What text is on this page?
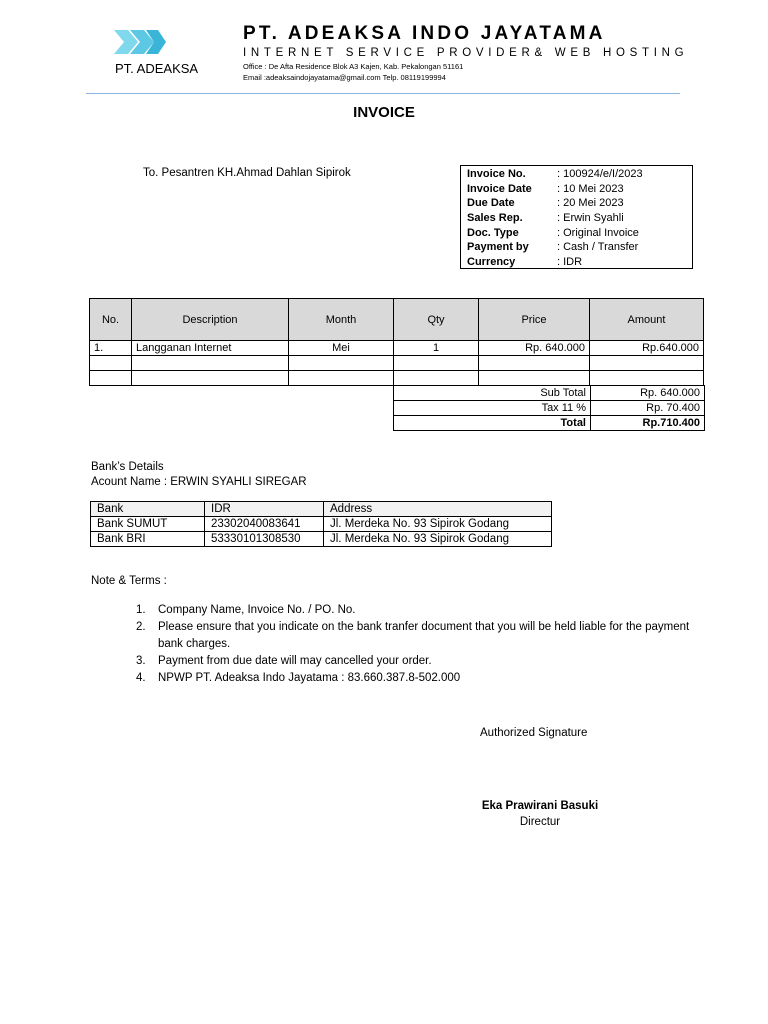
PT. ADEAKSA
PT. ADEAKSA INDO JAYATAMA
INTERNET SERVICE PROVIDER& WEB HOSTING
Office : De Afta Residence Blok A3 Kajen, Kab. Pekalongan 51161
Email :adeaksaindojayatama@gmail.com Telp. 08119199994
INVOICE
To. Pesantren KH.Ahmad Dahlan Sipirok	Invoice No.	: 100924/e/I/2023
Invoice Date : 10 Mei 2023
Due Date	: 20 Mei 2023
Sales Rep.	: Erwin Syahli
Doc. Type	: Original Invoice
Payment by	: Cash / Transfer
Currency	: IDR
No.	Description	Month	Qty	Price	Amount
1.	Langganan Internet	Mei	1	Rp. 640.000	Rp.640.000

Sub Total	Rp. 640.000
Tax 11 %	Rp. 70.400
Total	Rp.710.400
Bank’s Details
Acount Name : ERWIN SYAHLI SIREGAR
Bank	IDR	Address
Bank SUMUT	23302040083641	Jl. Merdeka No. 93 Sipirok Godang
Bank BRI	53330101308530	Jl. Merdeka No. 93 Sipirok Godang
Note & Terms :
1. Company Name, Invoice No. / PO. No.
2. Please ensure that you indicate on the bank tranfer document that you will be held liable for the payment bank charges.
3. Payment from due date will may cancelled your order.
4. NPWP PT. Adeaksa Indo Jayatama : 83.660.387.8-502.000
Authorized Signature
Eka Prawirani Basuki
Directur
